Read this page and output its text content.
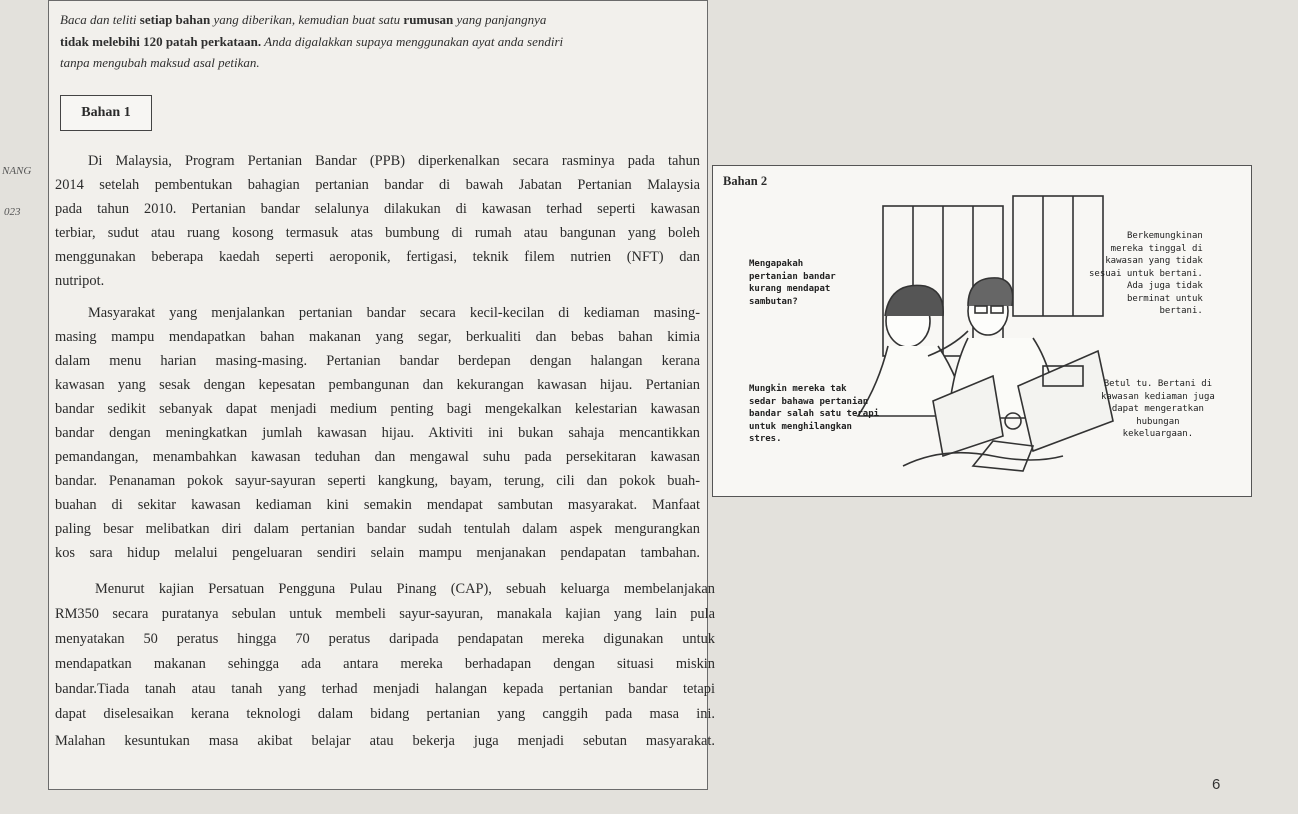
Baca dan teliti setiap bahan yang diberikan, kemudian buat satu rumusan yang panjangnya
tidak melebihi 120 patah perkataan. Anda digalakkan supaya menggunakan ayat anda sendiri
tanpa mengubah maksud asal petikan.
Bahan 1
NANG
023
Di Malaysia, Program Pertanian Bandar (PPB) diperkenalkan secara rasminya pada tahun
2014 setelah pembentukan bahagian pertanian bandar di bawah Jabatan Pertanian Malaysia
pada tahun 2010. Pertanian bandar selalunya dilakukan di kawasan terhad seperti kawasan
terbiar, sudut atau ruang kosong termasuk atas bumbung di rumah atau bangunan yang boleh
menggunakan beberapa kaedah seperti aeroponik, fertigasi, teknik filem nutrien (NFT) dan
nutripot.
Masyarakat yang menjalankan pertanian bandar secara kecil-kecilan di kediaman masing-
masing mampu mendapatkan bahan makanan yang segar, berkualiti dan bebas bahan kimia
dalam menu harian masing-masing. Pertanian bandar berdepan dengan halangan kerana
kawasan yang sesak dengan kepesatan pembangunan dan kekurangan kawasan hijau. Pertanian
bandar sedikit sebanyak dapat menjadi medium penting bagi mengekalkan kelestarian kawasan
bandar dengan meningkatkan jumlah kawasan hijau. Aktiviti ini bukan sahaja mencantikkan
pemandangan, menambahkan kawasan teduhan dan mengawal suhu pada persekitaran kawasan
bandar. Penanaman pokok sayur-sayuran seperti kangkung, bayam, terung, cili dan pokok buah-
buahan di sekitar kawasan kediaman kini semakin mendapat sambutan masyarakat. Manfaat
paling besar melibatkan diri dalam pertanian bandar sudah tentulah dalam aspek mengurangkan
kos sara hidup melalui pengeluaran sendiri selain mampu menjanakan pendapatan tambahan.
Menurut kajian Persatuan Pengguna Pulau Pinang (CAP), sebuah keluarga membelanjakan
RM350 secara puratanya sebulan untuk membeli sayur-sayuran, manakala kajian yang lain pula
menyatakan 50 peratus hingga 70 peratus daripada pendapatan mereka digunakan untuk
mendapatkan makanan sehingga ada antara mereka berhadapan dengan situasi miskin
bandar.Tiada tanah atau tanah yang terhad menjadi halangan kepada pertanian bandar tetapi
dapat diselesaikan kerana teknologi dalam bidang pertanian yang canggih pada masa ini.
Malahan kesuntukan masa akibat belajar atau bekerja juga menjadi sebutan masyarakat.
Bahan 2
Mengapakah
pertanian bandar
kurang mendapat
sambutan?
Mungkin mereka tak
sedar bahawa pertanian
bandar salah satu terapi
untuk menghilangkan
stres.
Berkemungkinan
mereka tinggal di
kawasan yang tidak
sesuai untuk bertani.
Ada juga tidak
berminat untuk
bertani.
Betul tu. Bertani di
kawasan kediaman juga
dapat mengeratkan
hubungan
kekeluargaan.
6
